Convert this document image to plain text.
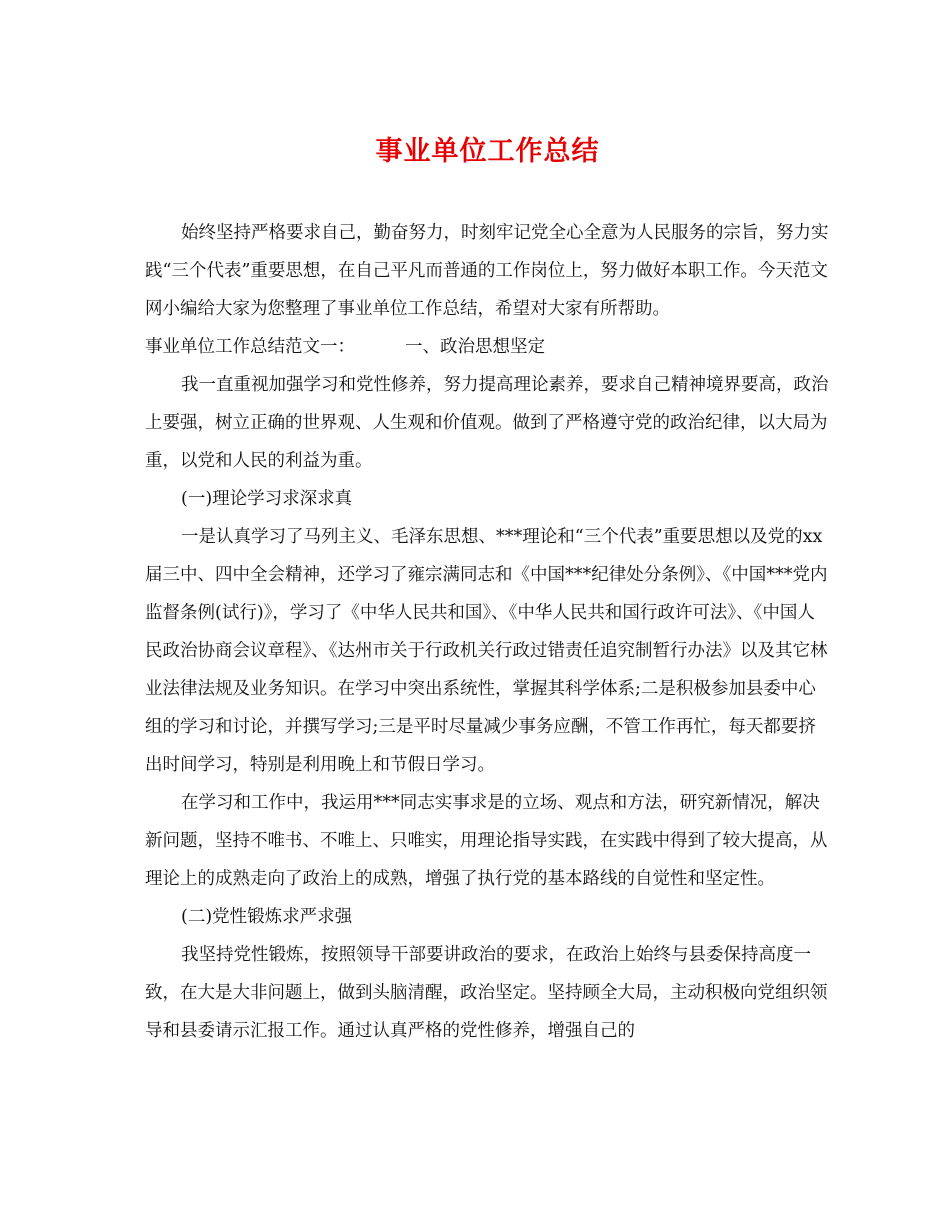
事业单位工作总结

始终坚持严格要求自己，勤奋努力，时刻牢记党全心全意为人民服务的宗旨，努力实践“三个代表”重要思想，在自己平凡而普通的工作岗位上，努力做好本职工作。今天范文网小编给大家为您整理了事业单位工作总结，希望对大家有所帮助。

事业单位工作总结范文一：	一、政治思想坚定

我一直重视加强学习和党性修养，努力提高理论素养，要求自己精神境界要高，政治上要强，树立正确的世界观、人生观和价值观。做到了严格遵守党的政治纪律，以大局为重，以党和人民的利益为重。

(一)理论学习求深求真

一是认真学习了马列主义、毛泽东思想、***理论和“三个代表”重要思想以及党的xx届三中、四中全会精神，还学习了雍宗满同志和《中国***纪律处分条例》、《中国***党内监督条例(试行)》，学习了《中华人民共和国》、《中华人民共和国行政许可法》、《中国人民政治协商会议章程》、《达州市关于行政机关行政过错责任追究制暂行办法》以及其它林业法律法规及业务知识。在学习中突出系统性，掌握其科学体系;二是积极参加县委中心组的学习和讨论，并撰写学习;三是平时尽量减少事务应酬，不管工作再忙，每天都要挤出时间学习，特别是利用晚上和节假日学习。

在学习和工作中，我运用***同志实事求是的立场、观点和方法，研究新情况，解决新问题，坚持不唯书、不唯上、只唯实，用理论指导实践，在实践中得到了较大提高，从理论上的成熟走向了政治上的成熟，增强了执行党的基本路线的自觉性和坚定性。

(二)党性锻炼求严求强

我坚持党性锻炼，按照领导干部要讲政治的要求，在政治上始终与县委保持高度一致，在大是大非问题上，做到头脑清醒，政治坚定。坚持顾全大局，主动积极向党组织领导和县委请示汇报工作。通过认真严格的党性修养，增强自己的
